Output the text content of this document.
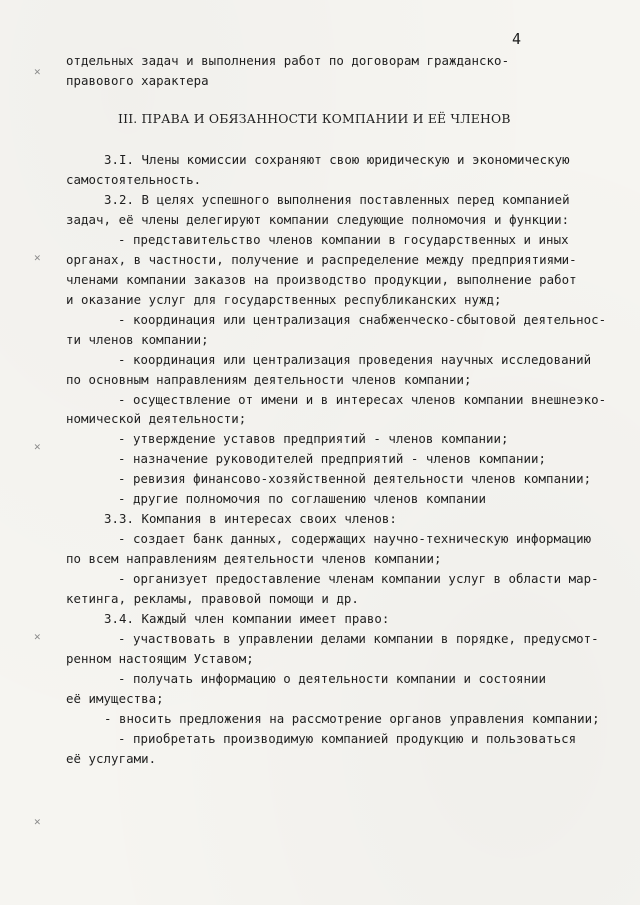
4
отдельных задач и выполнения работ по договорам гражданско-
правового характера
III. ПРАВА И ОБЯЗАННОСТИ КОМПАНИИ И ЕЁ ЧЛЕНОВ
3.I. Члены комиссии сохраняют свою юридическую и экономическую
самостоятельность.
3.2. В целях успешного выполнения поставленных перед компанией
задач, её члены делегируют компании следующие полномочия и функции:
- представительство членов компании в государственных и иных
органах, в частности, получение и распределение между предприятиями-
членами компании заказов на производство продукции, выполнение работ
и оказание услуг для государственных республиканских нужд;
- координация или централизация снабженческо-сбытовой деятельнос-
ти членов компании;
- координация или централизация проведения научных исследований
по основным направлениям деятельности членов компании;
- осуществление от имени и в интересах членов компании внешнеэко-
номической деятельности;
- утверждение уставов предприятий - членов компании;
- назначение руководителей предприятий - членов компании;
- ревизия финансово-хозяйственной деятельности членов компании;
- другие полномочия по соглашению членов компании
3.3. Компания в интересах своих членов:
- создает банк данных, содержащих научно-техническую информацию
по всем направлениям деятельности членов компании;
- организует предоставление членам компании услуг в области мар-
кетинга, рекламы, правовой помощи и др.
3.4. Каждый член компании имеет право:
- участвовать в управлении делами компании в порядке, предусмот-
ренном настоящим Уставом;
- получать информацию о деятельности компании и состоянии
её имущества;
- вносить предложения на рассмотрение органов управления компании;
- приобретать производимую компанией продукцию и пользоваться
её услугами.
✕
✕
✕
✕
✕
